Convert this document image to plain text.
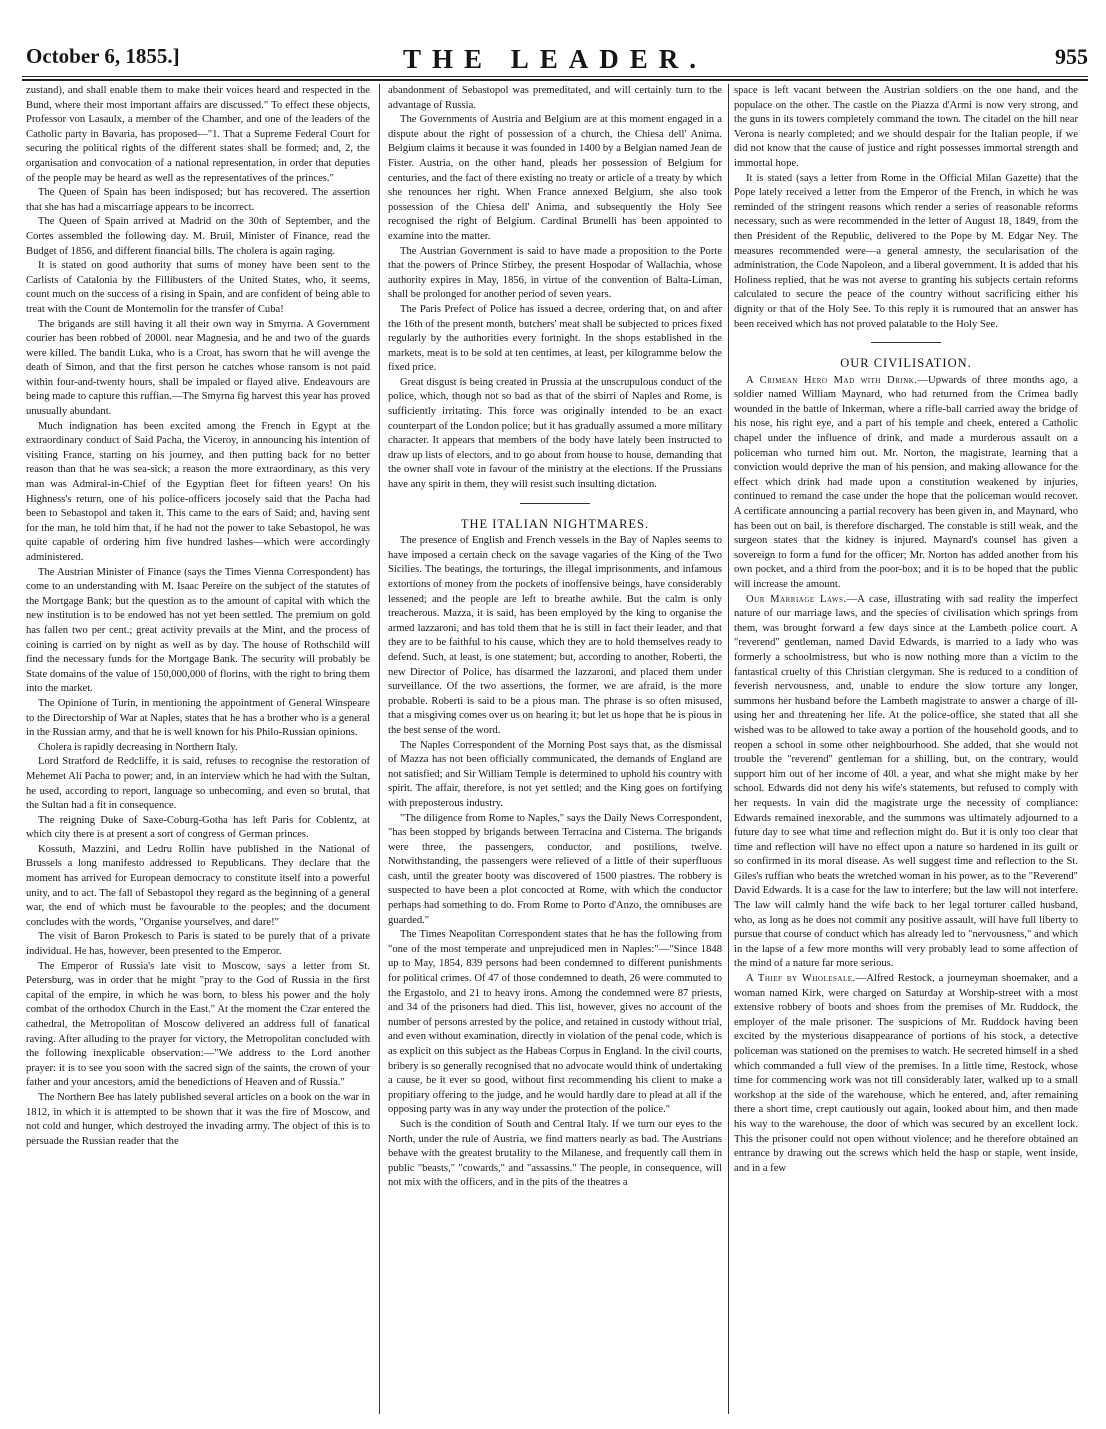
October 6, 1855.]	THE LEADER.	955

zustand), and shall enable them to make their voices heard and respected in the Bund, where their most important affairs are discussed." To effect these objects, Professor von Lasaulx, a member of the Chamber, and one of the leaders of the Catholic party in Bavaria, has proposed—"1. That a Supreme Federal Court for securing the political rights of the different states shall be formed; and, 2, the organisation and convocation of a national representation, in order that deputies of the people may be heard as well as the representatives of the princes."

The Queen of Spain has been indisposed; but has recovered. The assertion that she has had a miscarriage appears to be incorrect.

The Queen of Spain arrived at Madrid on the 30th of September, and the Cortes assembled the following day. M. Bruil, Minister of Finance, read the Budget of 1856, and different financial bills. The cholera is again raging.

It is stated on good authority that sums of money have been sent to the Carlists of Catalonia by the Fillibusters of the United States, who, it seems, count much on the success of a rising in Spain, and are confident of being able to treat with the Count de Montemolin for the transfer of Cuba!

The brigands are still having it all their own way in Smyrna. A Government courier has been robbed of 2000l. near Magnesia, and he and two of the guards were killed. The bandit Luka, who is a Croat, has sworn that he will avenge the death of Simon, and that the first person he catches whose ransom is not paid within four-and-twenty hours, shall be impaled or flayed alive. Endeavours are being made to capture this ruffian.—The Smyrna fig harvest this year has proved unusually abundant.

Much indignation has been excited among the French in Egypt at the extraordinary conduct of Said Pacha, the Viceroy, in announcing his intention of visiting France, starting on his journey, and then putting back for no better reason than that he was sea-sick; a reason the more extraordinary, as this very man was Admiral-in-Chief of the Egyptian fleet for fifteen years! On his Highness's return, one of his police-officers jocosely said that the Pacha had been to Sebastopol and taken it. This came to the ears of Said; and, having sent for the man, he told him that, if he had not the power to take Sebastopol, he was quite capable of ordering him five hundred lashes—which were accordingly administered.

The Austrian Minister of Finance (says the Times Vienna Correspondent) has come to an understanding with M. Isaac Pereire on the subject of the statutes of the Mortgage Bank; but the question as to the amount of capital with which the new institution is to be endowed has not yet been settled. The premium on gold has fallen two per cent.; great activity prevails at the Mint, and the process of coining is carried on by night as well as by day. The house of Rothschild will find the necessary funds for the Mortgage Bank. The security will probably be State domains of the value of 150,000,000 of florins, with the right to bring them into the market.

The Opinione of Turin, in mentioning the appointment of General Winspeare to the Directorship of War at Naples, states that he has a brother who is a general in the Russian army, and that he is well known for his Philo-Russian opinions.

Cholera is rapidly decreasing in Northern Italy.

Lord Stratford de Redcliffe, it is said, refuses to recognise the restoration of Mehemet Ali Pacha to power; and, in an interview which he had with the Sultan, he used, according to report, language so unbecoming, and even so brutal, that the Sultan had a fit in consequence.

The reigning Duke of Saxe-Coburg-Gotha has left Paris for Coblentz, at which city there is at present a sort of congress of German princes.

Kossuth, Mazzini, and Ledru Rollin have published in the National of Brussels a long manifesto addressed to Republicans. They declare that the moment has arrived for European democracy to constitute itself into a powerful unity, and to act. The fall of Sebastopol they regard as the beginning of a general war, the end of which must be favourable to the peoples; and the document concludes with the words, "Organise yourselves, and dare!"

The visit of Baron Prokesch to Paris is stated to be purely that of a private individual. He has, however, been presented to the Emperor.

The Emperor of Russia's late visit to Moscow, says a letter from St. Petersburg, was in order that he might "pray to the God of Russia in the first capital of the empire, in which he was born, to bless his power and the holy combat of the orthodox Church in the East." At the moment the Czar entered the cathedral, the Metropolitan of Moscow delivered an address full of fanatical raving. After alluding to the prayer for victory, the Metropolitan concluded with the following inexplicable observation:—"We address to the Lord another prayer: it is to see you soon with the sacred sign of the saints, the crown of your father and your ancestors, amid the benedictions of Heaven and of Russia."

The Northern Bee has lately published several articles on a book on the war in 1812, in which it is attempted to be shown that it was the fire of Moscow, and not cold and hunger, which destroyed the invading army. The object of this is to persuade the Russian reader that the

abandonment of Sebastopol was premeditated, and will certainly turn to the advantage of Russia.

The Governments of Austria and Belgium are at this moment engaged in a dispute about the right of possession of a church, the Chiesa dell' Anima. Belgium claims it because it was founded in 1400 by a Belgian named Jean de Fister. Austria, on the other hand, pleads her possession of Belgium for centuries, and the fact of there existing no treaty or article of a treaty by which she renounces her right. When France annexed Belgium, she also took possession of the Chiesa dell' Anima, and subsequently the Holy See recognised the right of Belgium. Cardinal Brunelli has been appointed to examine into the matter.

The Austrian Government is said to have made a proposition to the Porte that the powers of Prince Stirbey, the present Hospodar of Wallachia, whose authority expires in May, 1856, in virtue of the convention of Balta-Liman, shall be prolonged for another period of seven years.

The Paris Prefect of Police has issued a decree, ordering that, on and after the 16th of the present month, butchers' meat shall be subjected to prices fixed regularly by the authorities every fortnight. In the shops established in the markets, meat is to be sold at ten centimes, at least, per kilogramme below the fixed price.

Great disgust is being created in Prussia at the unscrupulous conduct of the police, which, though not so bad as that of the sbirri of Naples and Rome, is sufficiently irritating. This force was originally intended to be an exact counterpart of the London police; but it has gradually assumed a more military character. It appears that members of the body have lately been instructed to draw up lists of electors, and to go about from house to house, demanding that the owner shall vote in favour of the ministry at the elections. If the Prussians have any spirit in them, they will resist such insulting dictation.

THE ITALIAN NIGHTMARES.

The presence of English and French vessels in the Bay of Naples seems to have imposed a certain check on the savage vagaries of the King of the Two Sicilies. The beatings, the torturings, the illegal imprisonments, and infamous extortions of money from the pockets of inoffensive beings, have considerably lessened; and the people are left to breathe awhile. But the calm is only treacherous. Mazza, it is said, has been employed by the king to organise the armed lazzaroni, and has told them that he is still in fact their leader, and that they are to be faithful to his cause, which they are to hold themselves ready to defend. Such, at least, is one statement; but, according to another, Roberti, the new Director of Police, has disarmed the lazzaroni, and placed them under surveillance. Of the two assertions, the former, we are afraid, is the more probable. Roberti is said to be a pious man. The phrase is so often misused, that a misgiving comes over us on hearing it; but let us hope that he is pious in the best sense of the word.

The Naples Correspondent of the Morning Post says that, as the dismissal of Mazza has not been officially communicated, the demands of England are not satisfied; and Sir William Temple is determined to uphold his country with spirit. The affair, therefore, is not yet settled; and the King goes on fortifying with preposterous industry.

"The diligence from Rome to Naples," says the Daily News Correspondent, "has been stopped by brigands between Terracina and Cisterna. The brigands were three, the passengers, conductor, and postilions, twelve. Notwithstanding, the passengers were relieved of a little of their superfluous cash, until the greater booty was discovered of 1500 piastres. The robbery is suspected to have been a plot concocted at Rome, with which the conductor perhaps had something to do. From Rome to Porto d'Anzo, the omnibuses are guarded."

The Times Neapolitan Correspondent states that he has the following from "one of the most temperate and unprejudiced men in Naples:"—"Since 1848 up to May, 1854, 839 persons had been condemned to different punishments for political crimes. Of 47 of those condemned to death, 26 were commuted to the Ergastolo, and 21 to heavy irons. Among the condemned were 87 priests, and 34 of the prisoners had died. This list, however, gives no account of the number of persons arrested by the police, and retained in custody without trial, and even without examination, directly in violation of the penal code, which is as explicit on this subject as the Habeas Corpus in England. In the civil courts, bribery is so generally recognised that no advocate would think of undertaking a cause, be it ever so good, without first recommending his client to make a propitiary offering to the judge, and he would hardly dare to plead at all if the opposing party was in any way under the protection of the police."

Such is the condition of South and Central Italy. If we turn our eyes to the North, under the rule of Austria, we find matters nearly as bad. The Austrians behave with the greatest brutality to the Milanese, and frequently call them in public "beasts," "cowards," and "assassins." The people, in consequence, will not mix with the officers, and in the pits of the theatres a

space is left vacant between the Austrian soldiers on the one hand, and the populace on the other. The castle on the Piazza d'Armi is now very strong, and the guns in its towers completely command the town. The citadel on the hill near Verona is nearly completed; and we should despair for the Italian people, if we did not know that the cause of justice and right possesses immortal strength and immortal hope.

It is stated (says a letter from Rome in the Official Milan Gazette) that the Pope lately received a letter from the Emperor of the French, in which he was reminded of the stringent reasons which render a series of reasonable reforms necessary, such as were recommended in the letter of August 18, 1849, from the then President of the Republic, delivered to the Pope by M. Edgar Ney. The measures recommended were—a general amnesty, the secularisation of the administration, the Code Napoleon, and a liberal government. It is added that his Holiness replied, that he was not averse to granting his subjects certain reforms calculated to secure the peace of the country without sacrificing either his dignity or that of the Holy See. To this reply it is rumoured that an answer has been received which has not proved palatable to the Holy See.

OUR CIVILISATION.

A Crimean Hero Mad with Drink.—Upwards of three months ago, a soldier named William Maynard, who had returned from the Crimea badly wounded in the battle of Inkerman, where a rifle-ball carried away the bridge of his nose, his right eye, and a part of his temple and cheek, entered a Catholic chapel under the influence of drink, and made a murderous assault on a policeman who turned him out. Mr. Norton, the magistrate, learning that a conviction would deprive the man of his pension, and making allowance for the effect which drink had made upon a constitution weakened by injuries, continued to remand the case under the hope that the policeman would recover. A certificate announcing a partial recovery has been given in, and Maynard, who has been out on bail, is therefore discharged. The constable is still weak, and the surgeon states that the kidney is injured. Maynard's counsel has given a sovereign to form a fund for the officer; Mr. Norton has added another from his own pocket, and a third from the poor-box; and it is to be hoped that the public will increase the amount.

Our Marriage Laws.—A case, illustrating with sad reality the imperfect nature of our marriage laws, and the species of civilisation which springs from them, was brought forward a few days since at the Lambeth police court. A "reverend" gentleman, named David Edwards, is married to a lady who was formerly a schoolmistress, but who is now nothing more than a victim to the fantastical cruelty of this Christian clergyman. She is reduced to a condition of feverish nervousness, and, unable to endure the slow torture any longer, summons her husband before the Lambeth magistrate to answer a charge of ill-using her and threatening her life. At the police-office, she stated that all she wished was to be allowed to take away a portion of the household goods, and to reopen a school in some other neighbourhood. She added, that she would not trouble the "reverend" gentleman for a shilling, but, on the contrary, would support him out of her income of 40l. a year, and what she might make by her school. Edwards did not deny his wife's statements, but refused to comply with her requests. In vain did the magistrate urge the necessity of compliance: Edwards remained inexorable, and the summons was ultimately adjourned to a future day to see what time and reflection might do. But it is only too clear that time and reflection will have no effect upon a nature so hardened in its guilt or so confirmed in its moral disease. As well suggest time and reflection to the St. Giles's ruffian who beats the wretched woman in his power, as to the "Reverend" David Edwards. It is a case for the law to interfere; but the law will not interfere. The law will calmly hand the wife back to her legal torturer called husband, who, as long as he does not commit any positive assault, will have full liberty to pursue that course of conduct which has already led to "nervousness," and which in the lapse of a few more months will very probably lead to some affection of the mind of a nature far more serious.

A Thief by Wholesale.—Alfred Restock, a journeyman shoemaker, and a woman named Kirk, were charged on Saturday at Worship-street with a most extensive robbery of boots and shoes from the premises of Mr. Ruddock, the employer of the male prisoner. The suspicions of Mr. Ruddock having been excited by the mysterious disappearance of portions of his stock, a detective policeman was stationed on the premises to watch. He secreted himself in a shed which commanded a full view of the premises. In a little time, Restock, whose time for commencing work was not till considerably later, walked up to a small workshop at the side of the warehouse, which he entered, and, after remaining there a short time, crept cautiously out again, looked about him, and then made his way to the warehouse, the door of which was secured by an excellent lock. This the prisoner could not open without violence; and he therefore obtained an entrance by drawing out the screws which held the hasp or staple, went inside, and in a few
